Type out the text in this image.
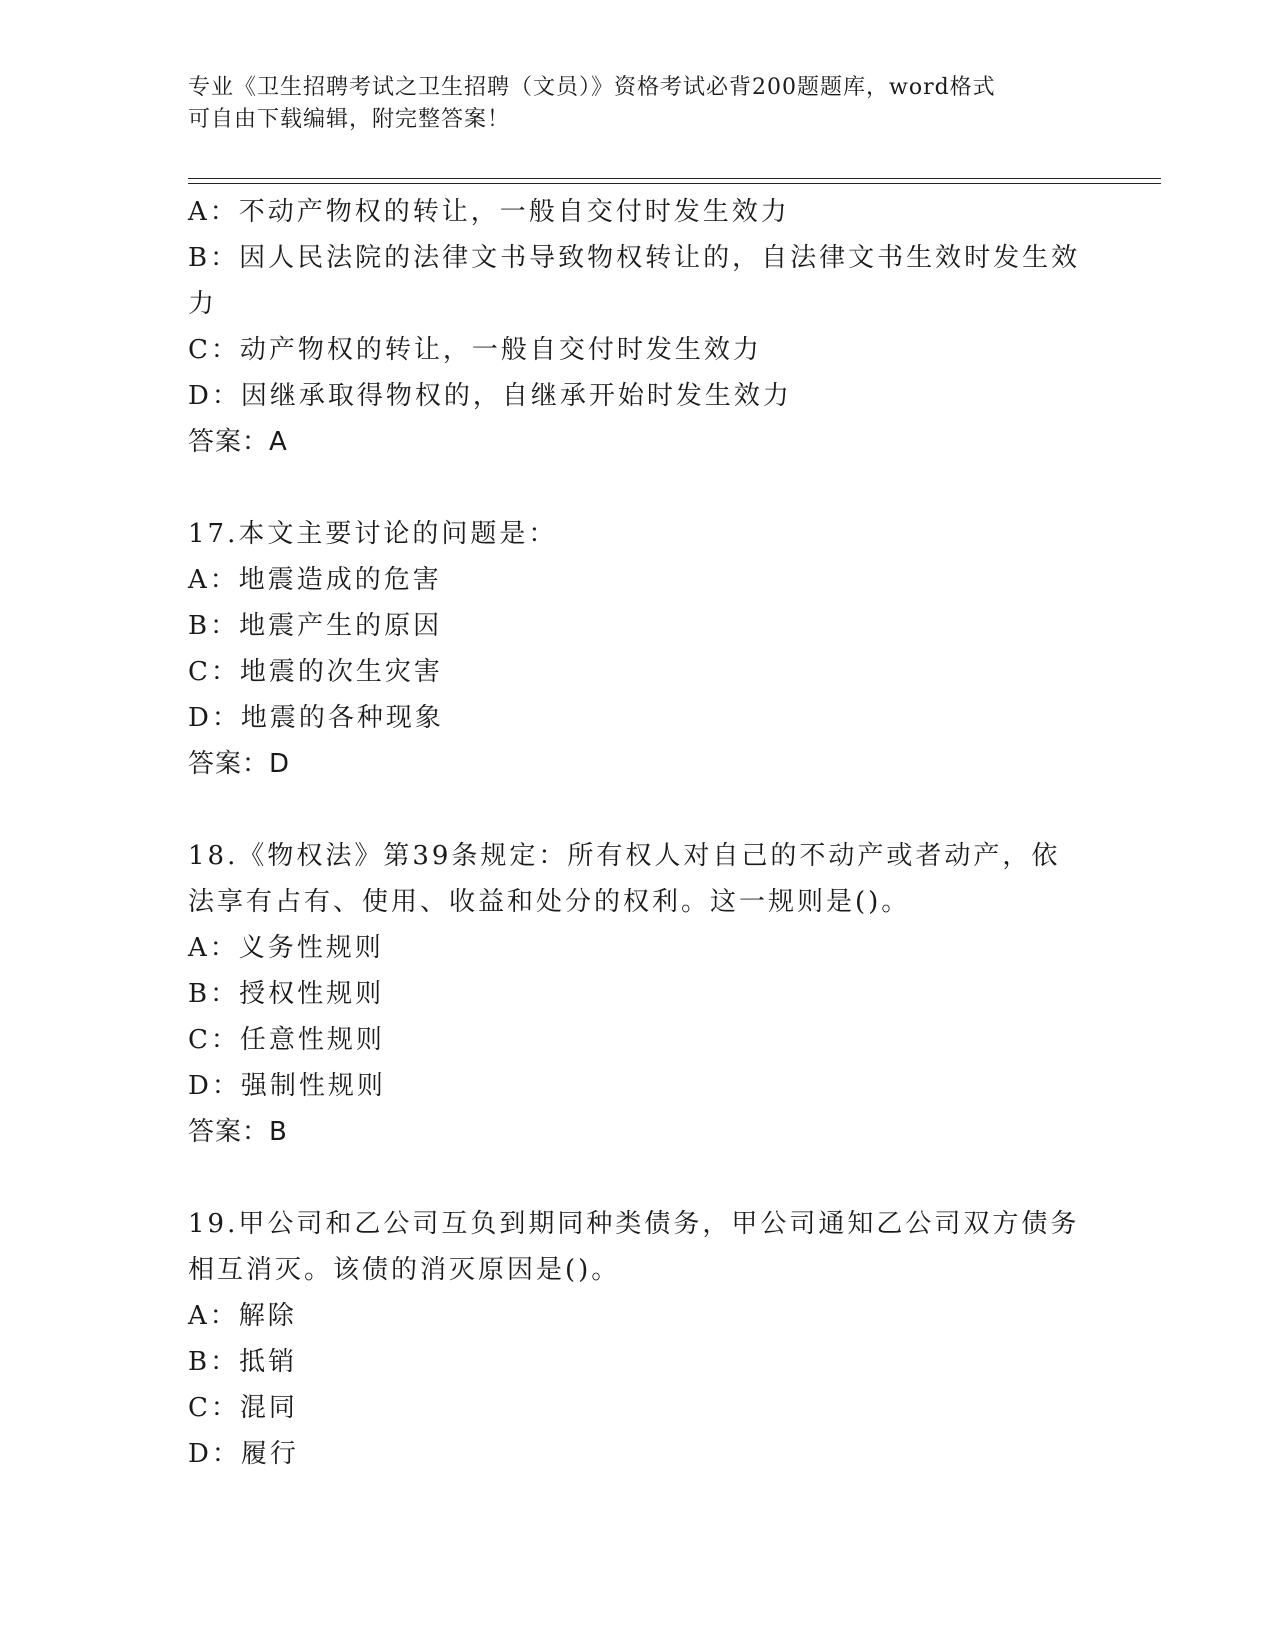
专业《卫生招聘考试之卫生招聘（文员）》资格考试必背200题题库，word格式
可自由下载编辑，附完整答案！
A：不动产物权的转让，一般自交付时发生效力
B：因人民法院的法律文书导致物权转让的，自法律文书生效时发生效
力
C：动产物权的转让，一般自交付时发生效力
D：因继承取得物权的，自继承开始时发生效力
答案：A
17.本文主要讨论的问题是：
A：地震造成的危害
B：地震产生的原因
C：地震的次生灾害
D：地震的各种现象
答案：D
18.《物权法》第39条规定：所有权人对自己的不动产或者动产，依
法享有占有、使用、收益和处分的权利。这一规则是()。
A：义务性规则
B：授权性规则
C：任意性规则
D：强制性规则
答案：B
19.甲公司和乙公司互负到期同种类债务，甲公司通知乙公司双方债务
相互消灭。该债的消灭原因是()。
A：解除
B：抵销
C：混同
D：履行
